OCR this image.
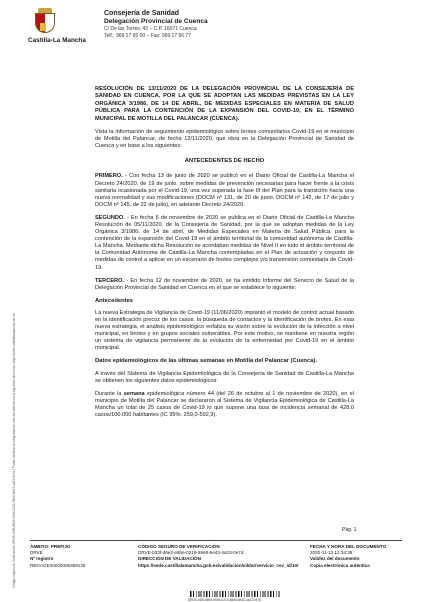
Código seguro de Verificación: DRVE-b33f-d6e2-e5be-0219-58e8-6e43-4a23-0e7d | Puede verificar la integridad de este documento en la siguiente dirección: https://sede.castillalamancha.es/csv
Castilla-La Mancha
Consejería de Sanidad
Delegación Provincial de Cuenca
C/ De las Torres, 43 – C.P. 16071 Cuenca
Telf.: 969 17 65 00 – Fax: 969 17 66 77

RESOLUCIÓN DE 13/11/2020 DE LA DELEGACIÓN PROVINCIAL DE LA CONSEJERÍA DE SANIDAD EN CUENCA, POR LA QUE SE ADOPTAN LAS MEDIDAS PREVISTAS EN LA LEY ORGÁNICA 3/1986, DE 14 DE ABRIL, DE MEDIDAS ESPECIALES EN MATERIA DE SALUD PÚBLICA PARA LA CONTENCIÓN DE LA EXPANSIÓN DEL COVID-19, EN EL TÉRMINO MUNICIPAL DE MOTILLA DEL PALANCAR (CUENCA).

Vista la información de seguimiento epidemiológico sobre brotes comunitarios Covid-19 en el municipio de Motilla del Palancar, de fecha 12/11/2020, que obra en la Delegación Provincial de Sanidad de Cuenca y en base a los siguientes:

ANTECEDENTES DE HECHO

PRIMERO. - Con fecha 13 de junio de 2020 se publicó en el Diario Oficial de Castilla-La Mancha el Decreto 24/2020, de 19 de junio, sobre medidas de prevención necesarias para hacer frente a la crisis sanitaria ocasionada por el Covid-19, una vez superada la fase III del Plan para la transición hacia una nueva normalidad y sus modificaciones (DOCM nº 131, de 20 de junio, DOCM nº 142, de 17 de julio y DOCM nº 145, de 22 de julio), en adelante Decreto 24/2020.

SEGUNDO. - En fecha 6 de noviembre de 2020 se publica en el Diario Oficial de Castilla-La Mancha Resolución de 05/11/2020, de la Consejería de Sanidad, por la que se adoptan medidas de la Ley Orgánica 3/1986, de 14 de abril, de Medidas Especiales en Materia de Salud Pública, para la contención de la expansión del Covid-19 en el ámbito territorial de la comunidad autónoma de Castilla-La Mancha. Mediante dicha Resolución se acordaban medidas de Nivel II en todo el ámbito territorial de la Comunidad Autónoma de Castilla-La Mancha contempladas en el Plan de actuación y conjunto de medidas de control a aplicar en un escenario de brotes complejos y/o transmisión comunitaria de Covid-19.

TERCERO. - En fecha 12 de noviembre de 2020, se ha emitido Informe del Servicio de Salud de la Delegación Provincial de Sanidad en Cuenca en el que se establece lo siguiente:

Antecedentes

La nueva Estrategia de Vigilancia de Covid-19 (11/06/2020) implantó el modelo de control actual basado en la identificación precoz de los casos, la búsqueda de contactos y la identificación de brotes. En esta nueva estrategia, el análisis epidemiológico enfatiza su visión sobre la evolución de la infección a nivel municipal, en brotes y en grupos sociales vulnerables. Por este motivo, se mantiene en nuestra región un sistema de vigilancia permanente de la evolución de la enfermedad por Covid-19 en el ámbito municipal.

Datos epidemiológicos de las últimas semanas en Motilla del Palancar (Cuenca).

A través del Sistema de Vigilancia Epidemiológica de la Consejería de Sanidad de Castilla-La Mancha se obtienen los siguientes datos epidemiológicos:

Durante la semana epidemiológica número 44 (del 26 de octubre al 1 de noviembre de 2020), en el municipio de Motilla del Palancar se declararon al Sistema de Vigilancia Epidemiológica de Castilla-La Mancha un total de 25 casos de Covid-19 lo que supone una tasa de incidencia semanal de 428,0 casos/100.000 habitantes (IC 95%: 259,0-592,9).

Pág. 1
ÁMBITO- PREFIJO
DRVE
Nº registro
REGAGE20e00005389128
CÓDIGO SEGURO DE VERIFICACIÓN
DRVE-b33f-d6e2-e5be-0219-58e8-6e43-4a23-0e7d
DIRECCIÓN DE VALIDACIÓN
https://sede.castillalamancha.gob.es/validacion/sildar/servicio_csv_id/10/
FECHA Y HORA DEL DOCUMENTO
2020-11-13 12:34:39
Validez del documento
Copia electrónica auténtica
DRVE-b33f-d6e2-e5be-0219-58e8-6e43-4a23-0e7d
